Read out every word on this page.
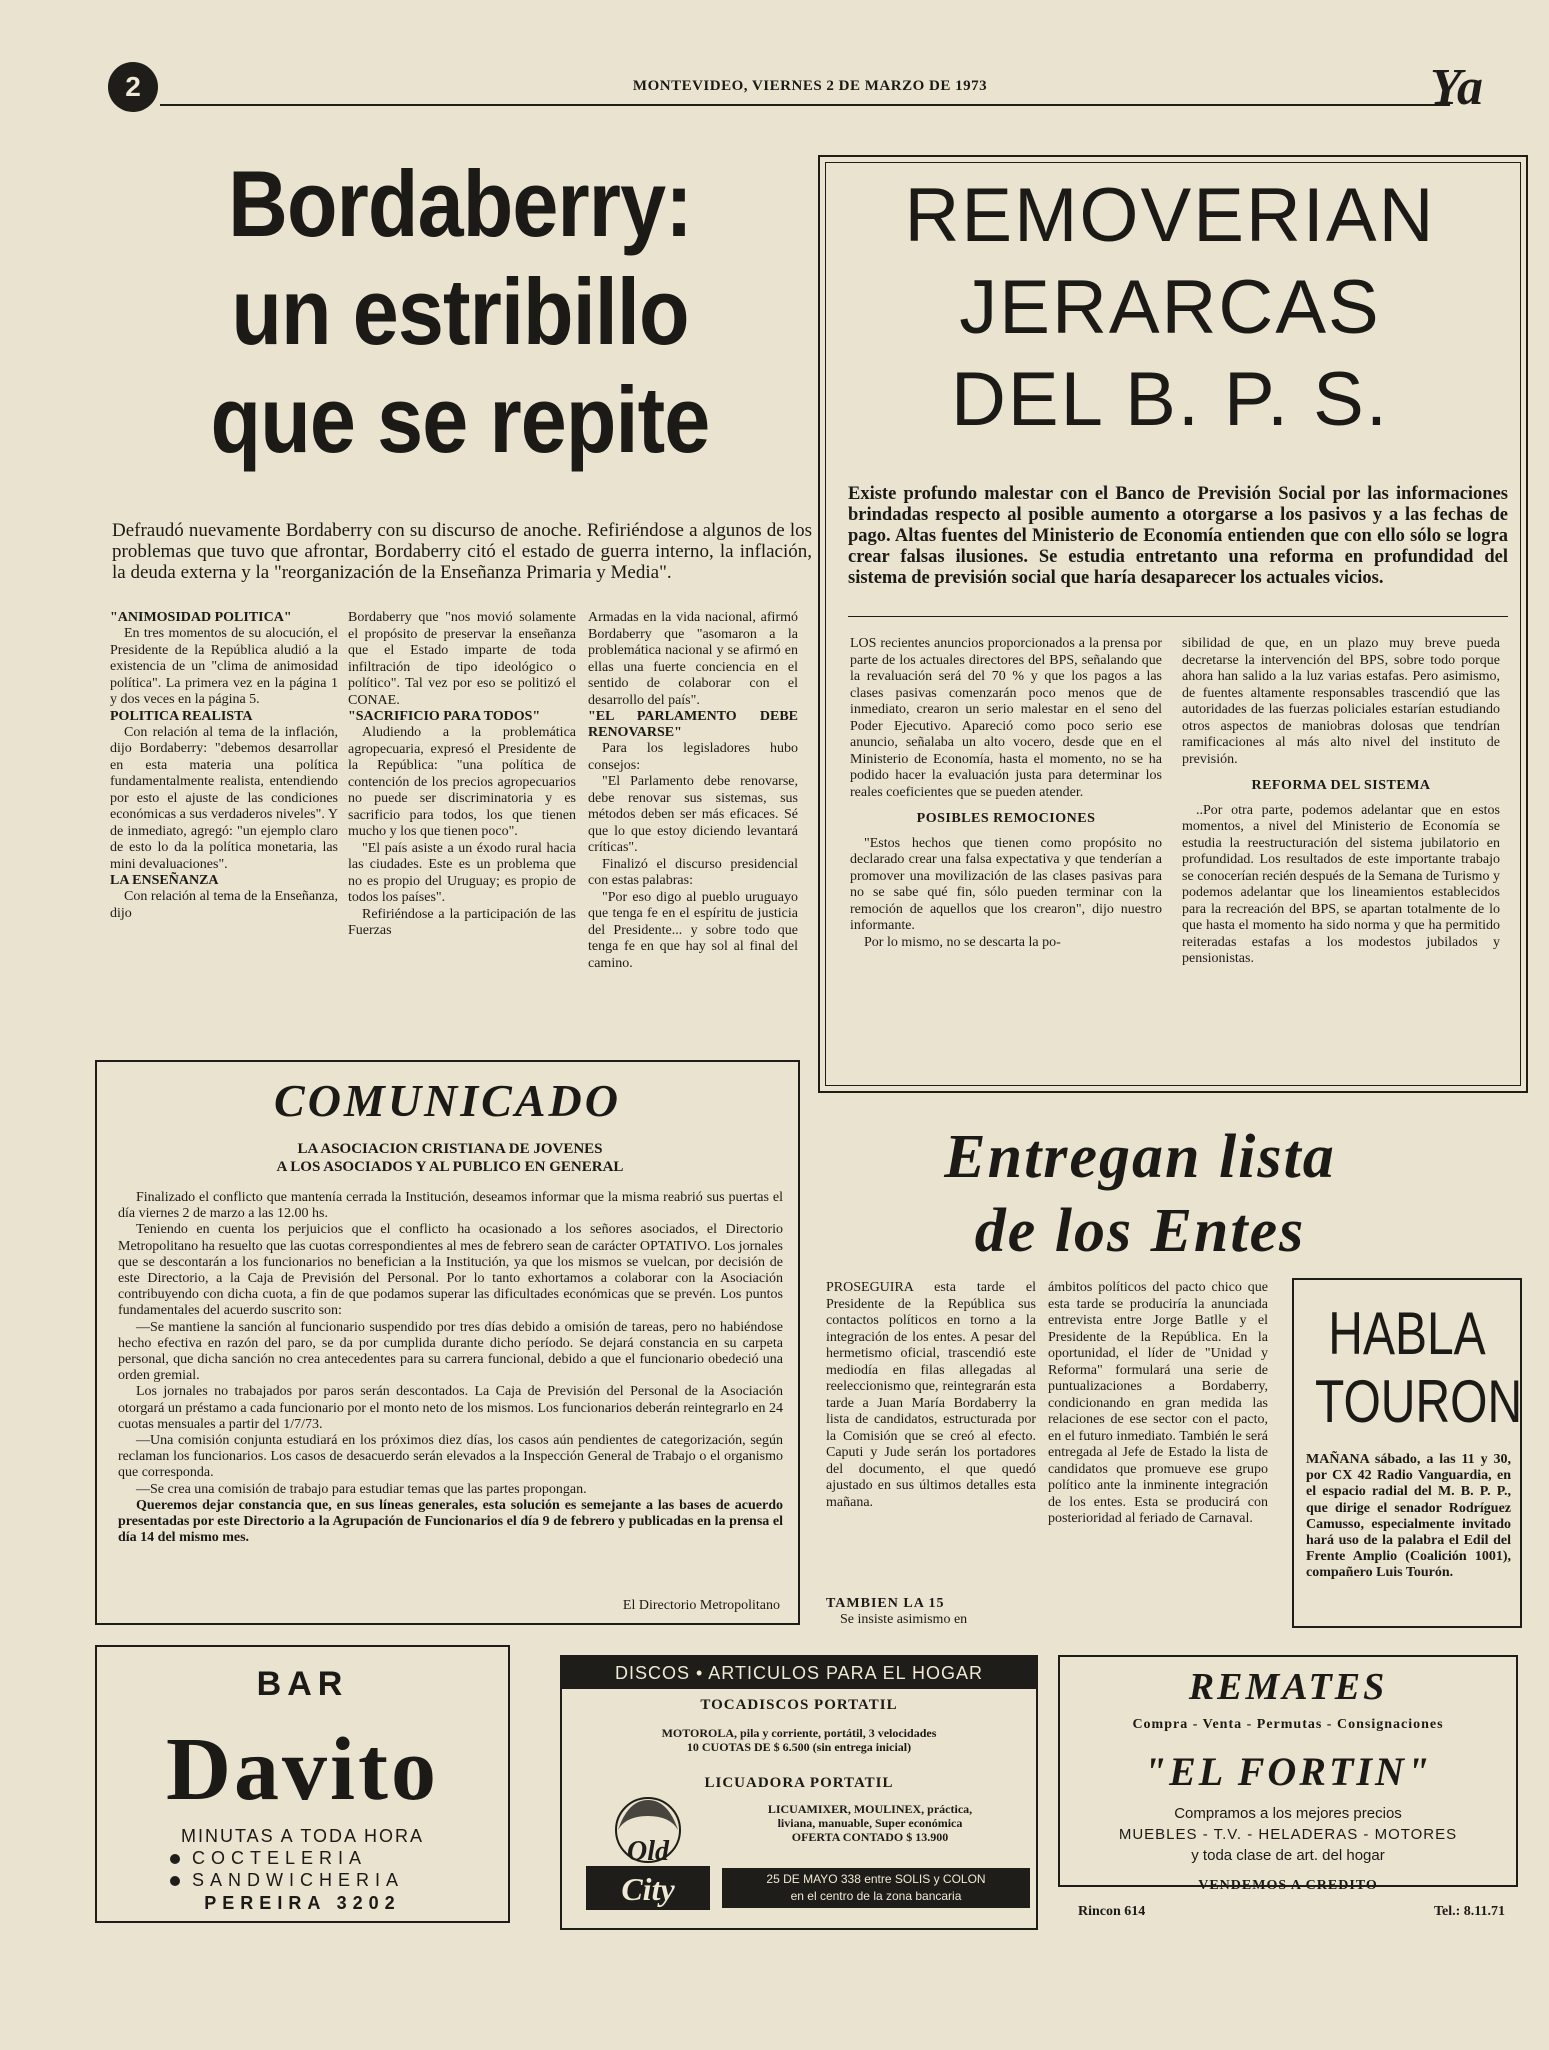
2	MONTEVIDEO, VIERNES 2 DE MARZO DE 1973	Ya
Bordaberry:
un estribillo
que se repite
Defraudó nuevamente Bordaberry con su discurso de anoche. Refiriéndose a algunos de los problemas que tuvo que afrontar, Bordaberry citó el estado de guerra interno, la inflación, la deuda externa y la "reorganización de la Enseñanza Primaria y Media".

"ANIMOSIDAD POLITICA"

En tres momentos de su alocución, el Presidente de la República aludió a la existencia de un "clima de animosidad política". La primera vez en la página 1 y dos veces en la página 5.

POLITICA REALISTA

Con relación al tema de la inflación, dijo Bordaberry: "debemos desarrollar en esta materia una política fundamentalmente realista, entendiendo por esto el ajuste de las condiciones económicas a sus verdaderos niveles". Y de inmediato, agregó: "un ejemplo claro de esto lo da la política monetaria, las mini devaluaciones".

LA ENSEÑANZA

Con relación al tema de la Enseñanza, dijo

Bordaberry que "nos movió solamente el propósito de preservar la enseñanza que el Estado imparte de toda infiltración de tipo ideológico o político". Tal vez por eso se politizó el CONAE.

"SACRIFICIO PARA TODOS"

Aludiendo a la problemática agropecuaria, expresó el Presidente de la República: "una política de contención de los precios agropecuarios no puede ser discriminatoria y es sacrificio para todos, los que tienen mucho y los que tienen poco".

"El país asiste a un éxodo rural hacia las ciudades. Este es un problema que no es propio del Uruguay; es propio de todos los países".

Refiriéndose a la participación de las Fuerzas

Armadas en la vida nacional, afirmó Bordaberry que "asomaron a la problemática nacional y se afirmó en ellas una fuerte conciencia en el sentido de colaborar con el desarrollo del país".

"EL PARLAMENTO DEBE RENOVARSE"

Para los legisladores hubo consejos:

"El Parlamento debe renovarse, debe renovar sus sistemas, sus métodos deben ser más eficaces. Sé que lo que estoy diciendo levantará críticas".

Finalizó el discurso presidencial con estas palabras:

"Por eso digo al pueblo uruguayo que tenga fe en el espíritu de justicia del Presidente... y sobre todo que tenga fe en que hay sol al final del camino.

REMOVERIAN
JERARCAS
DEL B. P. S.
Existe profundo malestar con el Banco de Previsión Social por las informaciones brindadas respecto al posible aumento a otorgarse a los pasivos y a las fechas de pago. Altas fuentes del Ministerio de Economía entienden que con ello sólo se logra crear falsas ilusiones. Se estudia entretanto una reforma en profundidad del sistema de previsión social que haría desaparecer los actuales vicios.

LOS recientes anuncios proporcionados a la prensa por parte de los actuales directores del BPS, señalando que la revaluación será del 70 % y que los pagos a las clases pasivas comenzarán poco menos que de inmediato, crearon un serio malestar en el seno del Poder Ejecutivo. Apareció como poco serio ese anuncio, señalaba un alto vocero, desde que en el Ministerio de Economía, hasta el momento, no se ha podido hacer la evaluación justa para determinar los reales coeficientes que se pueden atender.

POSIBLES REMOCIONES

"Estos hechos que tienen como propósito no declarado crear una falsa expectativa y que tenderían a promover una movilización de las clases pasivas para no se sabe qué fin, sólo pueden terminar con la remoción de aquellos que los crearon", dijo nuestro informante.

Por lo mismo, no se descarta la po-

sibilidad de que, en un plazo muy breve pueda decretarse la intervención del BPS, sobre todo porque ahora han salido a la luz varias estafas. Pero asimismo, de fuentes altamente responsables trascendió que las autoridades de las fuerzas policiales estarían estudiando otros aspectos de maniobras dolosas que tendrían ramificaciones al más alto nivel del instituto de previsión.

REFORMA DEL SISTEMA

..Por otra parte, podemos adelantar que en estos momentos, a nivel del Ministerio de Economía se estudia la reestructuración del sistema jubilatorio en profundidad. Los resultados de este importante trabajo se conocerían recién después de la Semana de Turismo y podemos adelantar que los lineamientos establecidos para la recreación del BPS, se apartan totalmente de lo que hasta el momento ha sido norma y que ha permitido reiteradas estafas a los modestos jubilados y pensionistas.

COMUNICADO
LA ASOCIACION CRISTIANA DE JOVENES
A LOS ASOCIADOS Y AL PUBLICO EN GENERAL

Finalizado el conflicto que mantenía cerrada la Institución, deseamos informar que la misma reabrió sus puertas el día viernes 2 de marzo a las 12.00 hs.

Teniendo en cuenta los perjuicios que el conflicto ha ocasionado a los señores asociados, el Directorio Metropolitano ha resuelto que las cuotas correspondientes al mes de febrero sean de carácter OPTATIVO. Los jornales que se descontarán a los funcionarios no benefician a la Institución, ya que los mismos se vuelcan, por decisión de este Directorio, a la Caja de Previsión del Personal. Por lo tanto exhortamos a colaborar con la Asociación contribuyendo con dicha cuota, a fin de que podamos superar las dificultades económicas que se prevén. Los puntos fundamentales del acuerdo suscrito son:

—Se mantiene la sanción al funcionario suspendido por tres días debido a omisión de tareas, pero no habiéndose hecho efectiva en razón del paro, se da por cumplida durante dicho período. Se dejará constancia en su carpeta personal, que dicha sanción no crea antecedentes para su carrera funcional, debido a que el funcionario obedeció una orden gremial.

Los jornales no trabajados por paros serán descontados. La Caja de Previsión del Personal de la Asociación otorgará un préstamo a cada funcionario por el monto neto de los mismos. Los funcionarios deberán reintegrarlo en 24 cuotas mensuales a partir del 1/7/73.

—Una comisión conjunta estudiará en los próximos diez días, los casos aún pendientes de categorización, según reclaman los funcionarios. Los casos de desacuerdo serán elevados a la Inspección General de Trabajo o el organismo que corresponda.

—Se crea una comisión de trabajo para estudiar temas que las partes propongan.

Queremos dejar constancia que, en sus líneas generales, esta solución es semejante a las bases de acuerdo presentadas por este Directorio a la Agrupación de Funcionarios el día 9 de febrero y publicadas en la prensa el día 14 del mismo mes.

El Directorio Metropolitano
Entregan lista
de los Entes
PROSEGUIRA esta tarde el Presidente de la República sus contactos políticos en torno a la integración de los entes. A pesar del hermetismo oficial, trascendió este mediodía en filas allegadas al reeleccionismo que, reintegrarán esta tarde a Juan María Bordaberry la lista de candidatos, estructurada por la Comisión que se creó al efecto. Caputi y Jude serán los portadores del documento, el que quedó ajustado en sus últimos detalles esta mañana.
TAMBIEN LA 15
Se insiste asimismo en
ámbitos políticos del pacto chico que esta tarde se produciría la anunciada entrevista entre Jorge Batlle y el Presidente de la República. En la oportunidad, el líder de "Unidad y Reforma" formulará una serie de puntualizaciones a Bordaberry, condicionando en gran medida las relaciones de ese sector con el pacto, en el futuro inmediato. También le será entregada al Jefe de Estado la lista de candidatos que promueve ese grupo político ante la inminente integración de los entes. Esta se producirá con posterioridad al feriado de Carnaval.
HABLA
TOURON
MAÑANA sábado, a las 11 y 30, por CX 42 Radio Vanguardia, en el espacio radial del M. B. P. P., que dirige el senador Rodríguez Camusso, especialmente invitado hará uso de la palabra el Edil del Frente Amplio (Coalición 1001), compañero Luis Tourón.
BAR
Davito
MINUTAS A TODA HORA
COCTELERIA
SANDWICHERIA
PEREIRA 3202
DISCOS • ARTICULOS PARA EL HOGAR
TOCADISCOS PORTATIL
MOTOROLA, pila y corriente, portátil, 3 velocidades
10 CUOTAS DE $ 6.500 (sin entrega inicial)
LICUADORA PORTATIL
LICUAMIXER, MOULINEX, práctica,
liviana, manuable, Super económica
OFERTA CONTADO $ 13.900
Old
City	25 DE MAYO 338 entre SOLIS y COLON
en el centro de la zona bancaria
REMATES
Compra - Venta - Permutas - Consignaciones
"EL FORTIN"
Compramos a los mejores precios
MUEBLES - T.V. - HELADERAS - MOTORES
y toda clase de art. del hogar
VENDEMOS A CREDITO
Rincon 614	Tel.: 8.11.71
